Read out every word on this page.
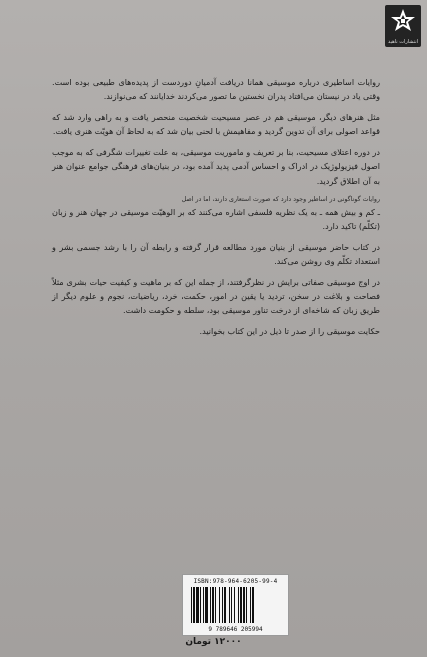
انتشارات ناهید

روایات اساطیری درباره موسیقی همانا دریافت آدمیانِ دوردست از پدیده‌های طبیعی بوده است. وقتی یاد در نیستان می‌افتاد پدران نخستین ما تصور می‌کردند خدایانند که می‌نوازند.

مثل هنرهای دیگر، موسیقی هم در عصر مسیحیت شخصیت منحصر یافت و به راهی وارد شد که قواعد اصولی برای آن تدوین گردید و مفاهیمش با لحنی بیان شد که به لحاظ آن هویّت هنری یافت.

در دوره اعتلای مسیحیت، بنا بر تعریف و ماموریت موسیقی، به علت تغییرات شگرفی که به موجب اصول فیزیولوژیک در ادراک و احساس آدمی پدید آمده بود، در بنیان‌های فرهنگی جوامع عنوان هنر به آن اطلاق گردید.

روایات گوناگونی در اساطیر وجود دارد که صورت استعاری دارند، اما در اصل

ـ کم و بیش همه ـ به یک نظریه فلسفی اشاره می‌کنند که بر الوهیّت موسیقی در جهان هنر و زبان (تکلّم) تاکید دارد.

در کتاب حاضر موسیقی از بنیان مورد مطالعه قرار گرفته و رابطه آن را با رشد جسمی بشر و استعداد تکلّم وی روشن می‌کند.

در اوج موسیقی صفاتی برایش در نظرگرفتند، از جمله این که بر ماهیت و کیفیت حیات بشری مثلاً فصاحت و بلاغت در سخن، تردید یا یقین در امور، حکمت، خرد، ریاضیات، نجوم و علوم دیگر از طریق زبان که شاخه‌ای از درخت تناور موسیقی بود، سلطه و حکومت داشت.

حکایت موسیقی را از صدر تا ذیل در این کتاب بخوانید.

ISBN:978-964-6205-99-4
9 789646 205994
۱۲۰۰۰ تومان
